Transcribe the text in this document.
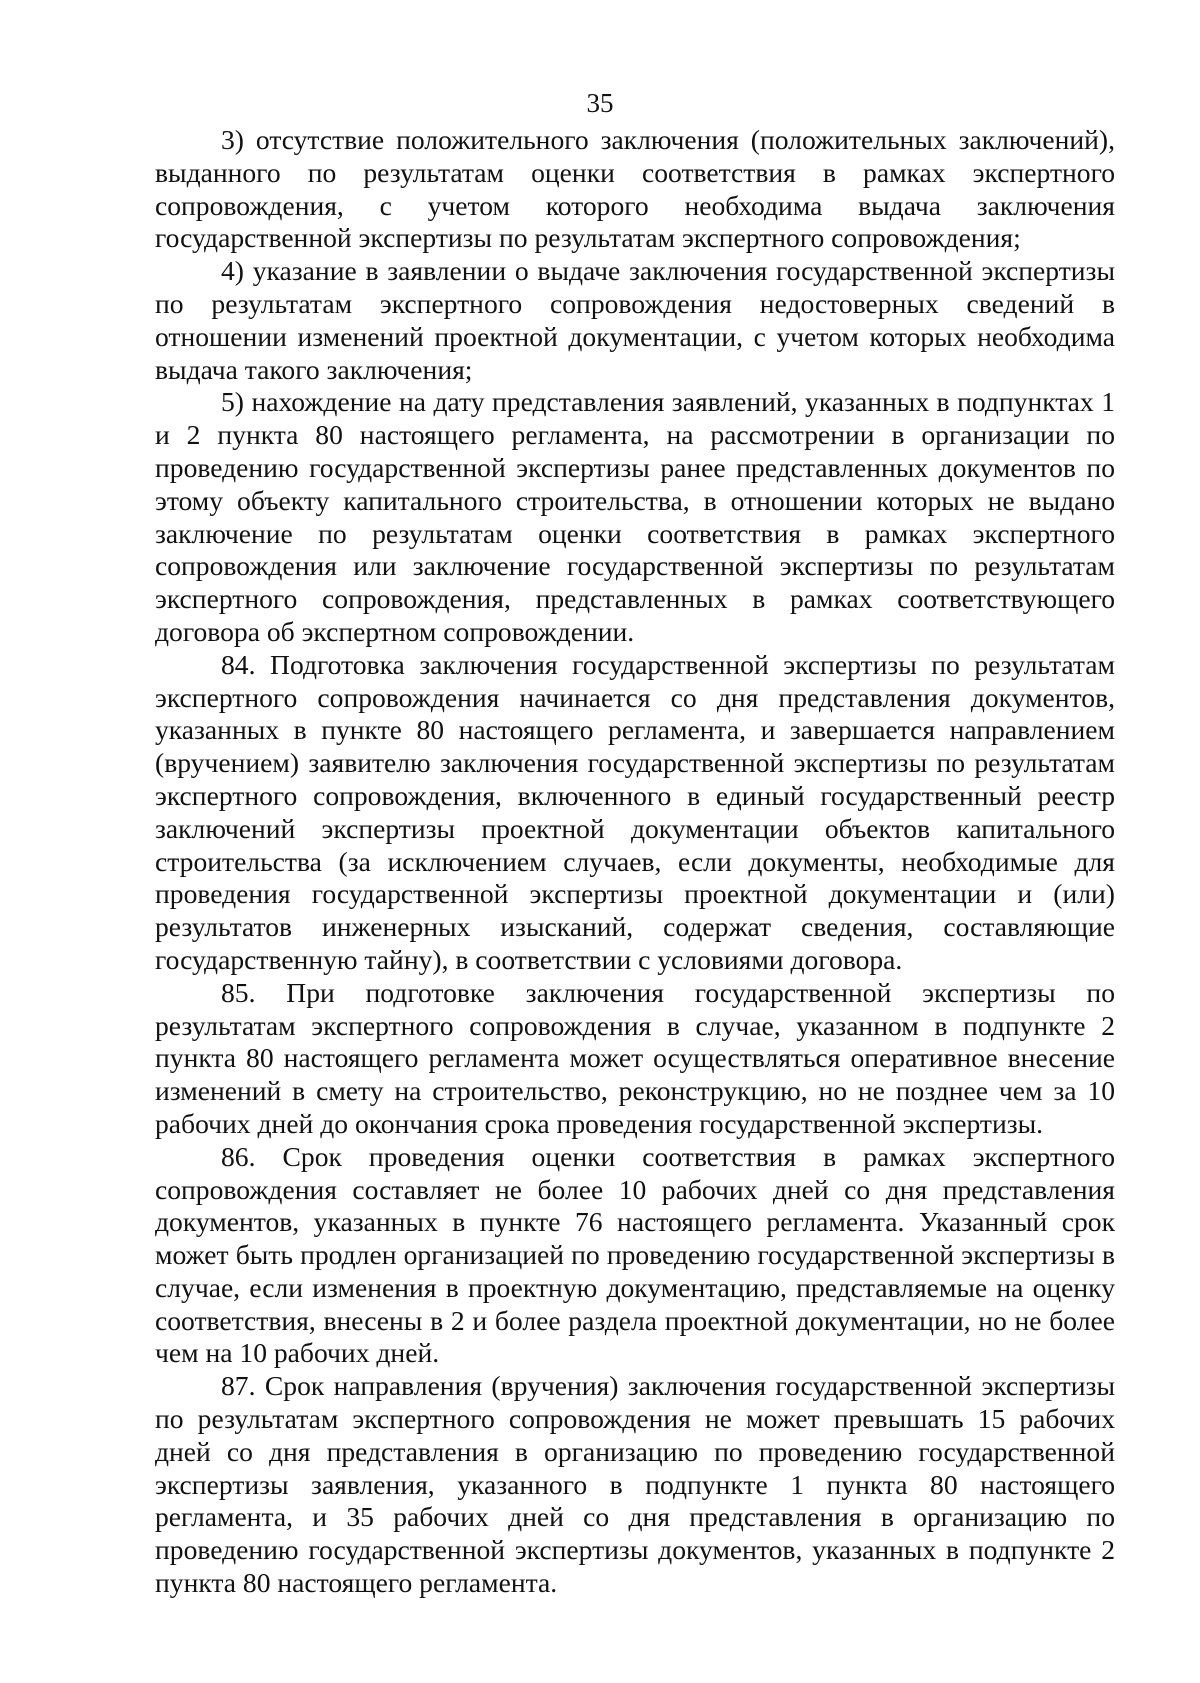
35

3) отсутствие положительного заключения (положительных заключений), выданного по результатам оценки соответствия в рамках экспертного сопровождения, с учетом которого необходима выдача заключения государственной экспертизы по результатам экспертного сопровождения;

4) указание в заявлении о выдаче заключения государственной экспертизы по результатам экспертного сопровождения недостоверных сведений в отношении изменений проектной документации, с учетом которых необходима выдача такого заключения;

5) нахождение на дату представления заявлений, указанных в подпунктах 1 и 2 пункта 80 настоящего регламента, на рассмотрении в организации по проведению государственной экспертизы ранее представленных документов по этому объекту капитального строительства, в отношении которых не выдано заключение по результатам оценки соответствия в рамках экспертного сопровождения или заключение государственной экспертизы по результатам экспертного сопровождения, представленных в рамках соответствующего договора об экспертном сопровождении.

84. Подготовка заключения государственной экспертизы по результатам экспертного сопровождения начинается со дня представления документов, указанных в пункте 80 настоящего регламента, и завершается направлением (вручением) заявителю заключения государственной экспертизы по результатам экспертного сопровождения, включенного в единый государственный реестр заключений экспертизы проектной документации объектов капитального строительства (за исключением случаев, если документы, необходимые для проведения государственной экспертизы проектной документации и (или) результатов инженерных изысканий, содержат сведения, составляющие государственную тайну), в соответствии с условиями договора.

85. При подготовке заключения государственной экспертизы по результатам экспертного сопровождения в случае, указанном в подпункте 2 пункта 80 настоящего регламента может осуществляться оперативное внесение изменений в смету на строительство, реконструкцию, но не позднее чем за 10 рабочих дней до окончания срока проведения государственной экспертизы.

86. Срок проведения оценки соответствия в рамках экспертного сопровождения составляет не более 10 рабочих дней со дня представления документов, указанных в пункте 76 настоящего регламента. Указанный срок может быть продлен организацией по проведению государственной экспертизы в случае, если изменения в проектную документацию, представляемые на оценку соответствия, внесены в 2 и более раздела проектной документации, но не более чем на 10 рабочих дней.

87. Срок направления (вручения) заключения государственной экспертизы по результатам экспертного сопровождения не может превышать 15 рабочих дней со дня представления в организацию по проведению государственной экспертизы заявления, указанного в подпункте 1 пункта 80 настоящего регламента, и 35 рабочих дней со дня представления в организацию по проведению государственной экспертизы документов, указанных в подпункте 2 пункта 80 настоящего регламента.
